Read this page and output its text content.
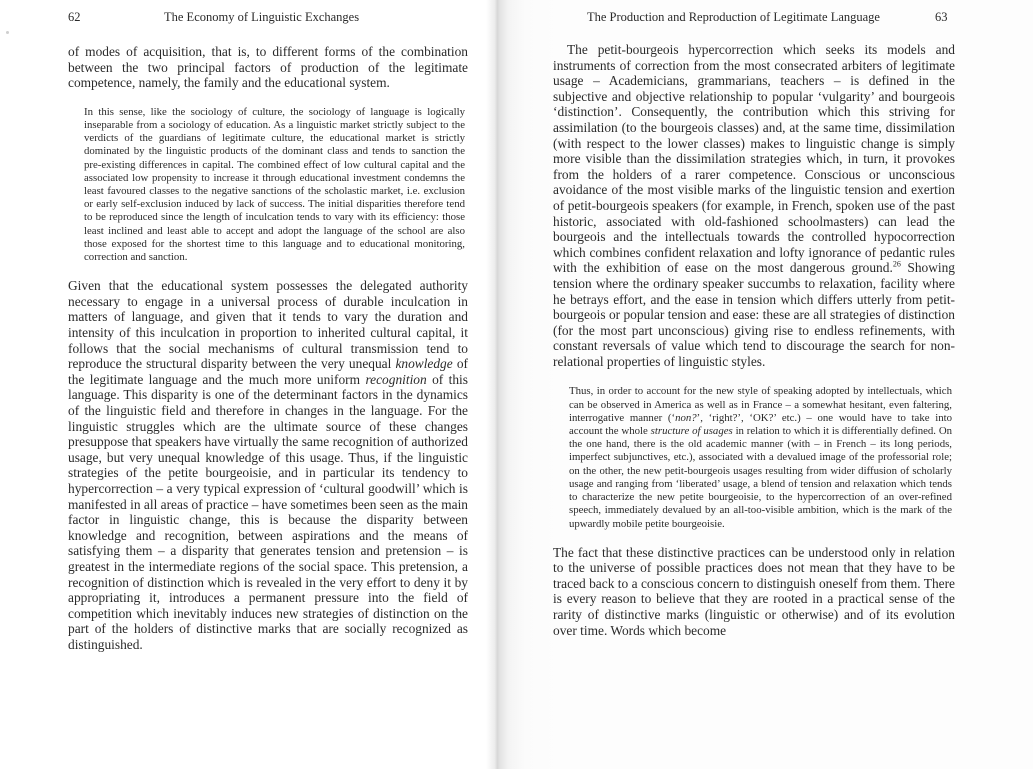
62	The Economy of Linguistic Exchanges

of modes of acquisition, that is, to different forms of the combination between the two principal factors of production of the legitimate competence, namely, the family and the educational system.

In this sense, like the sociology of culture, the sociology of language is logically inseparable from a sociology of education. As a linguistic market strictly subject to the verdicts of the guardians of legitimate culture, the educational market is strictly dominated by the linguistic products of the dominant class and tends to sanction the pre-existing differences in capital. The combined effect of low cultural capital and the associated low propensity to increase it through educational investment condemns the least favoured classes to the negative sanctions of the scholastic market, i.e. exclusion or early self-exclusion induced by lack of success. The initial disparities therefore tend to be reproduced since the length of inculcation tends to vary with its efficiency: those least inclined and least able to accept and adopt the language of the school are also those exposed for the shortest time to this language and to educational monitoring, correction and sanction.

Given that the educational system possesses the delegated authority necessary to engage in a universal process of durable inculcation in matters of language, and given that it tends to vary the duration and intensity of this inculcation in proportion to inherited cultural capital, it follows that the social mechanisms of cultural transmission tend to reproduce the structural disparity between the very unequal knowledge of the legitimate language and the much more uniform recognition of this language. This disparity is one of the determinant factors in the dynamics of the linguistic field and therefore in changes in the language. For the linguistic struggles which are the ultimate source of these changes presuppose that speakers have virtually the same recognition of authorized usage, but very unequal knowledge of this usage. Thus, if the linguistic strategies of the petite bourgeoisie, and in particular its tendency to hypercorrection – a very typical expression of ‘cultural goodwill’ which is manifested in all areas of practice – have sometimes been seen as the main factor in linguistic change, this is because the disparity between knowledge and recognition, between aspirations and the means of satisfying them – a disparity that generates tension and pretension – is greatest in the intermediate regions of the social space. This pretension, a recognition of distinction which is revealed in the very effort to deny it by appropriating it, introduces a permanent pressure into the field of competition which inevitably induces new strategies of distinction on the part of the holders of distinctive marks that are socially recognized as distinguished.

The Production and Reproduction of Legitimate Language	63

The petit-bourgeois hypercorrection which seeks its models and instruments of correction from the most consecrated arbiters of legitimate usage – Academicians, grammarians, teachers – is defined in the subjective and objective relationship to popular ‘vulgarity’ and bourgeois ‘distinction’. Consequently, the contribution which this striving for assimilation (to the bourgeois classes) and, at the same time, dissimilation (with respect to the lower classes) makes to linguistic change is simply more visible than the dissimilation strategies which, in turn, it provokes from the holders of a rarer competence. Conscious or unconscious avoidance of the most visible marks of the linguistic tension and exertion of petit-bourgeois speakers (for example, in French, spoken use of the past historic, associated with old-fashioned schoolmasters) can lead the bourgeois and the intellectuals towards the controlled hypocorrection which combines confident relaxation and lofty ignorance of pedantic rules with the exhibition of ease on the most dangerous ground.$^{26}$ Showing tension where the ordinary speaker succumbs to relaxation, facility where he betrays effort, and the ease in tension which differs utterly from petit-bourgeois or popular tension and ease: these are all strategies of distinction (for the most part unconscious) giving rise to endless refinements, with constant reversals of value which tend to discourage the search for non-relational properties of linguistic styles.

Thus, in order to account for the new style of speaking adopted by intellectuals, which can be observed in America as well as in France – a somewhat hesitant, even faltering, interrogative manner (‘non?’, ‘right?’, ‘OK?’ etc.) – one would have to take into account the whole structure of usages in relation to which it is differentially defined. On the one hand, there is the old academic manner (with – in French – its long periods, imperfect subjunctives, etc.), associated with a devalued image of the professorial role; on the other, the new petit-bourgeois usages resulting from wider diffusion of scholarly usage and ranging from ‘liberated’ usage, a blend of tension and relaxation which tends to characterize the new petite bourgeoisie, to the hypercorrection of an over-refined speech, immediately devalued by an all-too-visible ambition, which is the mark of the upwardly mobile petite bourgeoisie.

The fact that these distinctive practices can be understood only in relation to the universe of possible practices does not mean that they have to be traced back to a conscious concern to distinguish oneself from them. There is every reason to believe that they are rooted in a practical sense of the rarity of distinctive marks (linguistic or otherwise) and of its evolution over time. Words which become
